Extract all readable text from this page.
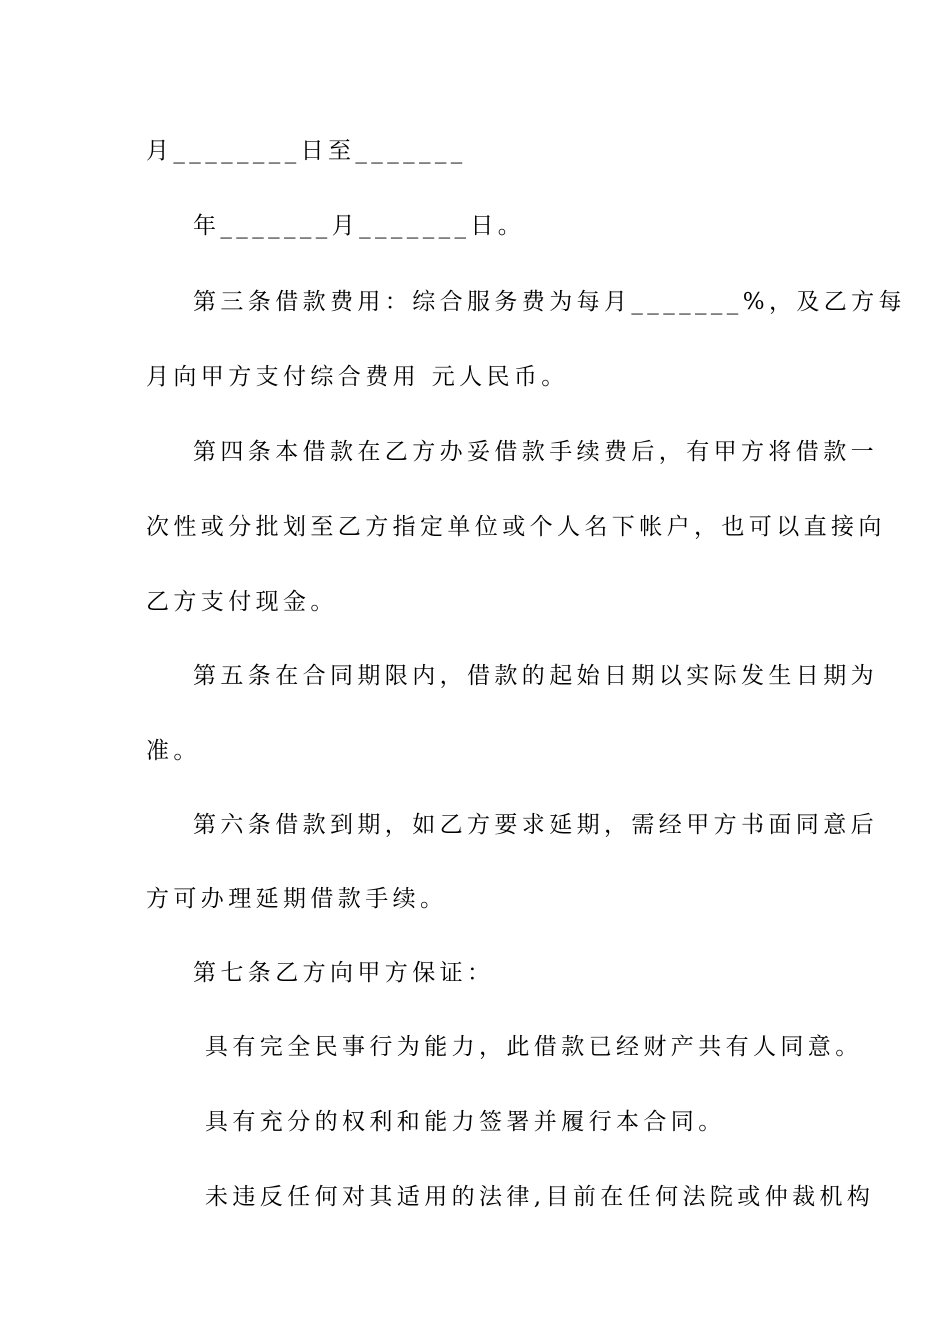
月________日至_______
年_______月_______日。
第三条借款费用：综合服务费为每月_______%，及乙方每
月向甲方支付综合费用 元人民币。
第四条本借款在乙方办妥借款手续费后，有甲方将借款一
次性或分批划至乙方指定单位或个人名下帐户，也可以直接向
乙方支付现金。
第五条在合同期限内，借款的起始日期以实际发生日期为
准。
第六条借款到期，如乙方要求延期，需经甲方书面同意后
方可办理延期借款手续。
第七条乙方向甲方保证：
具有完全民事行为能力，此借款已经财产共有人同意。
具有充分的权利和能力签署并履行本合同。
未违反任何对其适用的法律,目前在任何法院或仲裁机构
